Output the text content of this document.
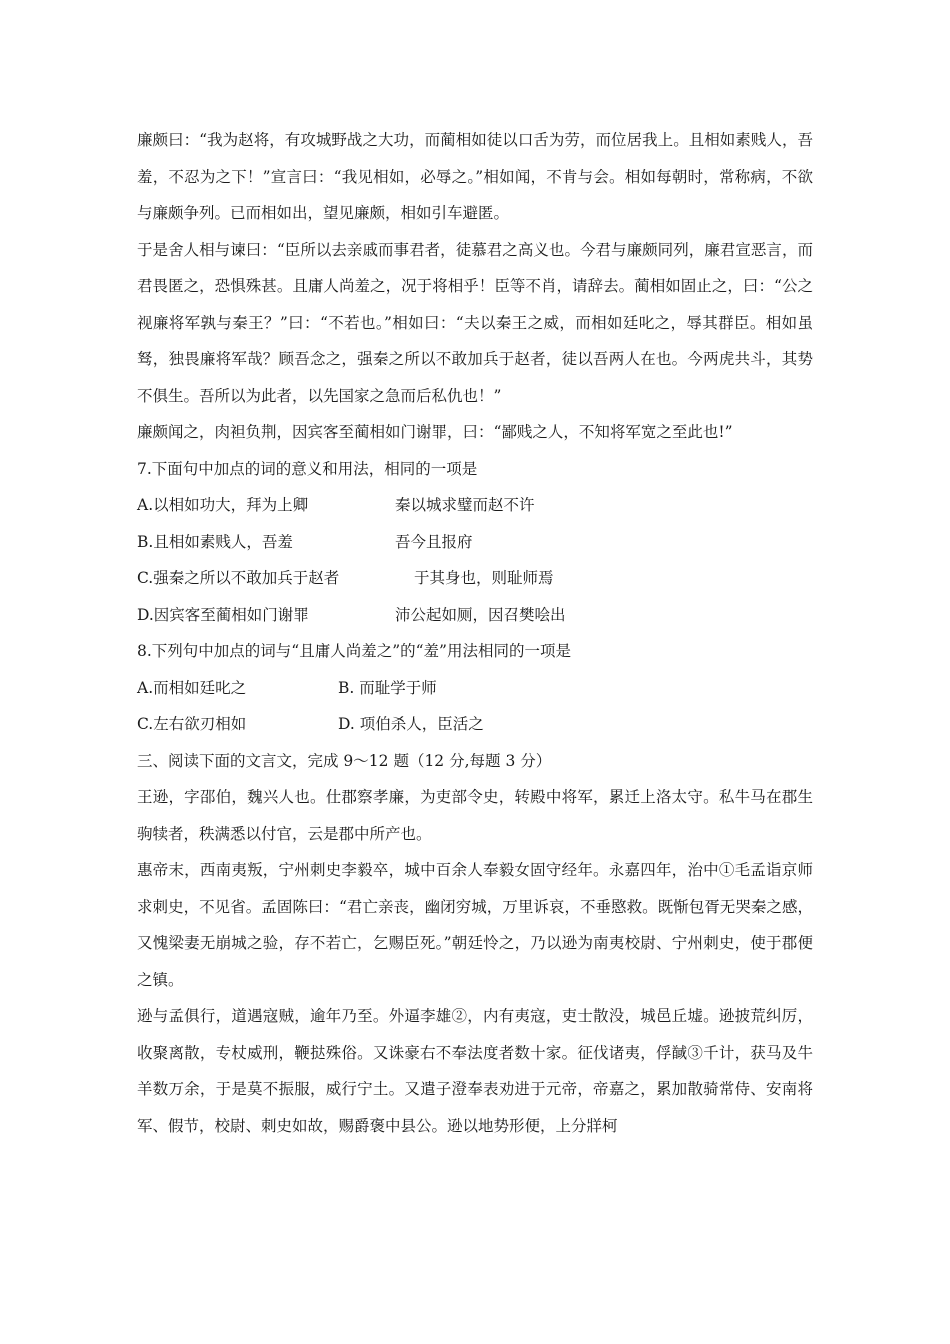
廉颇曰：“我为赵将，有攻城野战之大功，而蔺相如徒以口舌为劳，而位居我上。且相如素贱人，吾羞，不忍为之下！”宣言曰：“我见相如，必辱之。”相如闻，不肯与会。相如每朝时，常称病，不欲与廉颇争列。已而相如出，望见廉颇，相如引车避匿。

于是舍人相与谏曰：“臣所以去亲戚而事君者，徒慕君之高义也。今君与廉颇同列，廉君宣恶言，而君畏匿之，恐惧殊甚。且庸人尚羞之，况于将相乎！臣等不肖，请辞去。蔺相如固止之，曰：“公之视廉将军孰与秦王？”曰：“不若也。”相如曰：“夫以秦王之威，而相如廷叱之，辱其群臣。相如虽驽，独畏廉将军哉？顾吾念之，强秦之所以不敢加兵于赵者，徒以吾两人在也。今两虎共斗，其势不俱生。吾所以为此者，以先国家之急而后私仇也！”

廉颇闻之，肉袒负荆，因宾客至蔺相如门谢罪，曰：“鄙贱之人，不知将军宽之至此也!”

7.下面句中加点的词的意义和用法，相同的一项是

A.以相如功大，拜为上卿	秦以城求璧而赵不许
B.且相如素贱人，吾羞	吾今且报府
C.强秦之所以不敢加兵于赵者	于其身也，则耻师焉
D.因宾客至蔺相如门谢罪	沛公起如厕，因召樊哙出

8.下列句中加点的词与“且庸人尚羞之”的“羞”用法相同的一项是

A.而相如廷叱之	B. 而耻学于师
C.左右欲刃相如	D. 项伯杀人，臣活之

三、阅读下面的文言文，完成 9～12 题（12 分,每题 3 分）

王逊，字邵伯，魏兴人也。仕郡察孝廉，为吏部令史，转殿中将军，累迁上洛太守。私牛马在郡生驹犊者，秩满悉以付官，云是郡中所产也。

惠帝末，西南夷叛，宁州刺史李毅卒，城中百余人奉毅女固守经年。永嘉四年，治中①毛孟诣京师求刺史，不见省。孟固陈曰：“君亡亲丧，幽闭穷城，万里诉哀，不垂愍救。既惭包胥无哭秦之感，又愧梁妻无崩城之验，存不若亡，乞赐臣死。”朝廷怜之，乃以逊为南夷校尉、宁州刺史，使于郡便之镇。

逊与孟俱行，道遇寇贼，逾年乃至。外逼李雄②，内有夷寇，吏士散没，城邑丘墟。逊披荒纠厉，收聚离散，专杖威刑，鞭挞殊俗。又诛豪右不奉法度者数十家。征伐诸夷，俘馘③千计，获马及牛羊数万余，于是莫不振服，威行宁土。又遣子澄奉表劝进于元帝，帝嘉之，累加散骑常侍、安南将军、假节，校尉、刺史如故，赐爵褒中县公。逊以地势形便，上分牂柯
